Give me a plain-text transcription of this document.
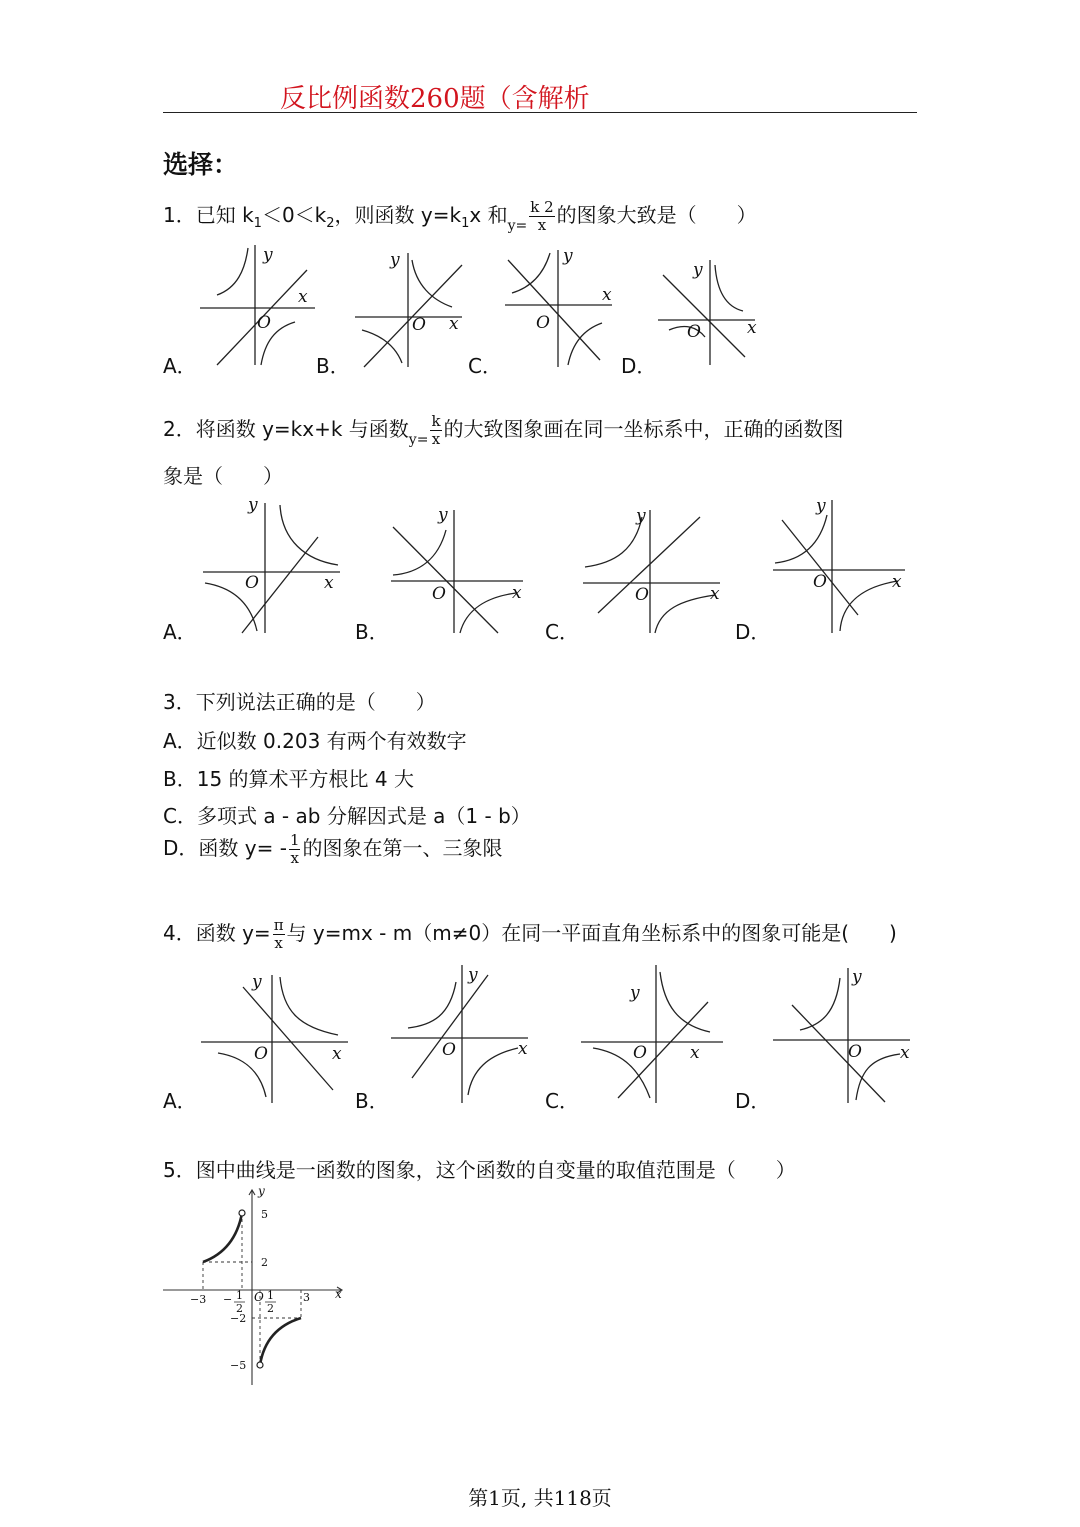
反比例函数260题（含解析
选择：
1．已知 $k_1<0<k_2$，则函数 $y=k_1x$ 和$_{y=} \frac{k 2}{x}$ 的图象大致是（　　）
A．	B．	C．	D．
y
x
O
y
x
O
y
x
O
y
x
O
2．将函数 y=kx+k 与函数$_{y=} \frac{k}{x}$ 的大致图象画在同一坐标系中，正确的函数图
象是（　　）
A．	B．	C．	D．
y
x
O
y
x
O
y
x
O
y
x
O
3．下列说法正确的是（　　）
A．近似数 0.203 有两个有效数字
B．15 的算术平方根比 4 大
C．多项式 a - ab 分解因式是 a（1 - b）
D．函数 $y= - \frac{1}{x}$ 的图象在第一、三象限
4．函数 $y= \frac{\pi}{x}$ 与 y=mx - m（m≠0）在同一平面直角坐标系中的图象可能是(　　)
A．	B．	C．	D．
y
x
O
y
x
O
y
x
O
y
x
O
5．图中曲线是一函数的图象，这个函数的自变量的取值范围是（　　）
y
x
O
5
2
−2
−5
−3	3
− 1
2
1
2
第1页, 共118页
